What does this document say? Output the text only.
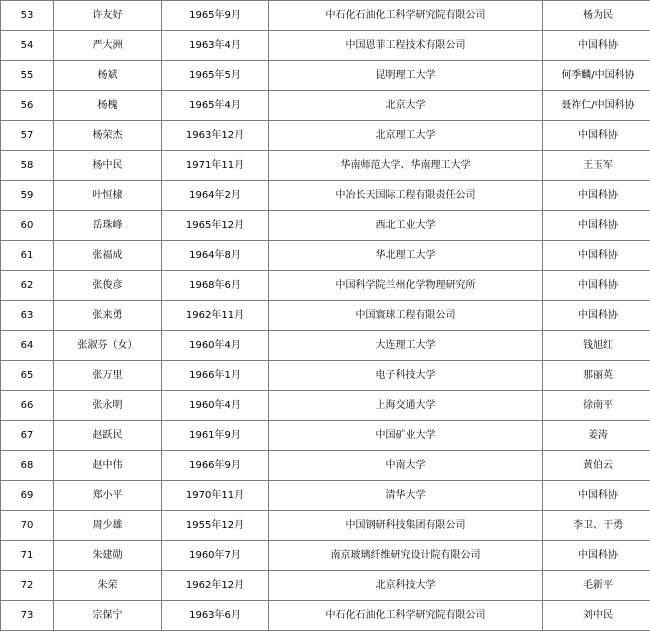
53	许友好	1965年9月	中石化石油化工科学研究院有限公司	杨为民
54	严大洲	1963年4月	中国恩菲工程技术有限公司	中国科协
55	杨斌	1965年5月	昆明理工大学	何季麟/中国科协
56	杨槐	1965年4月	北京大学	聂祚仁/中国科协
57	杨荣杰	1963年12月	北京理工大学	中国科协
58	杨中民	1971年11月	华南师范大学、华南理工大学	王玉军
59	叶恒棣	1964年2月	中冶长天国际工程有限责任公司	中国科协
60	岳珠峰	1965年12月	西北工业大学	中国科协
61	张福成	1964年8月	华北理工大学	中国科协
62	张俊彦	1968年6月	中国科学院兰州化学物理研究所	中国科协
63	张来勇	1962年11月	中国寰球工程有限公司	中国科协
64	张淑芬（女）	1960年4月	大连理工大学	钱旭红
65	张万里	1966年1月	电子科技大学	那丽英
66	张永明	1960年4月	上海交通大学	徐南平
67	赵跃民	1961年9月	中国矿业大学	姜涛
68	赵中伟	1966年9月	中南大学	黄伯云
69	郑小平	1970年11月	清华大学	中国科协
70	周少雄	1955年12月	中国钢研科技集团有限公司	李卫、干勇
71	朱建勋	1960年7月	南京玻璃纤维研究设计院有限公司	中国科协
72	朱荣	1962年12月	北京科技大学	毛新平
73	宗保宁	1963年6月	中石化石油化工科学研究院有限公司	刘中民
